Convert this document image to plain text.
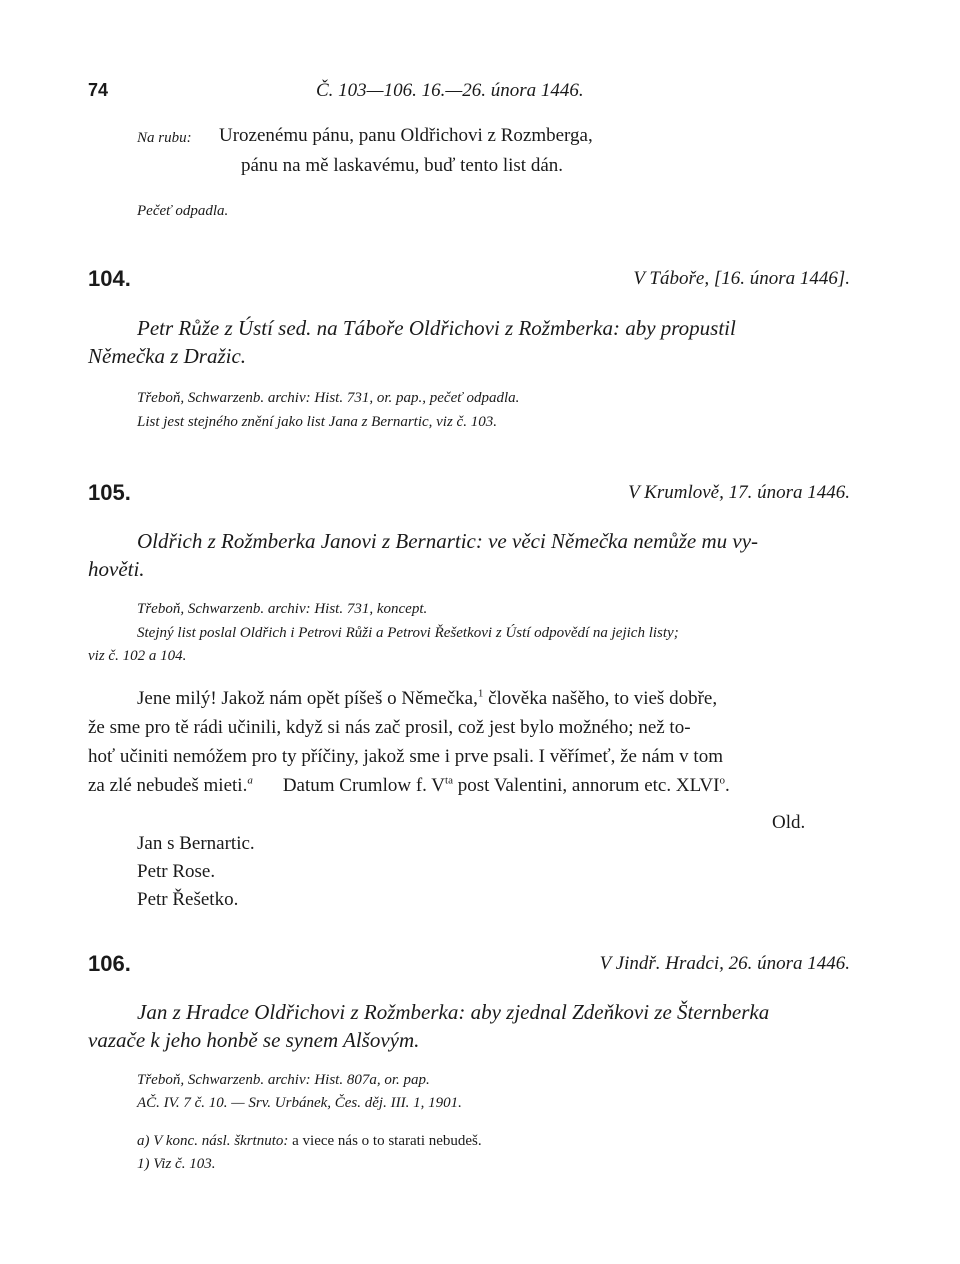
74	Č. 103—106. 16.—26. února 1446.
Na rubu: Urozenému pánu, panu Oldřichovi z Rozmberga,
pánu na mě laskavému, buď tento list dán.
Pečeť odpadla.
104.	V Táboře, [16. února 1446].
Petr Růže z Ústí sed. na Táboře Oldřichovi z Rožmberka: aby propustil
Němečka z Dražic.
Třeboň, Schwarzenb. archiv: Hist. 731, or. pap., pečeť odpadla.
List jest stejného znění jako list Jana z Bernartic, viz č. 103.
105.	V Krumlově, 17. února 1446.
Oldřich z Rožmberka Janovi z Bernartic: ve věci Němečka nemůže mu vy-
hověti.
Třeboň, Schwarzenb. archiv: Hist. 731, koncept.
Stejný list poslal Oldřich i Petrovi Růži a Petrovi Řešetkovi z Ústí odpovědí na jejich listy;
viz č. 102 a 104.
Jene milý! Jakož nám opět píšeš o Němečka,$^1$ člověka našěho, to vieš dobře,
že sme pro tě rádi učinili, když si nás zač prosil, což jest bylo možného; než to-
hoť učiniti nemóžem pro ty příčiny, jakož sme i prve psali. I věřímeť, že nám v tom
za zlé nebudeš mieti.$^a$ Datum Crumlow f. $V^{ta}$ post Valentini, annorum etc. XLVI$^o$.
Old.
Jan s Bernartic.
Petr Rose.
Petr Řešetko.
106.	V Jindř. Hradci, 26. února 1446.
Jan z Hradce Oldřichovi z Rožmberka: aby zjednal Zdeňkovi ze Šternberka
vazače k jeho honbě se synem Alšovým.
Třeboň, Schwarzenb. archiv: Hist. 807a, or. pap.
AČ. IV. 7 č. 10. — Srv. Urbánek, Čes. děj. III. 1, 1901.
a) V konc. násl. škrtnuto: a viece nás o to starati nebudeš.
1) Viz č. 103.
